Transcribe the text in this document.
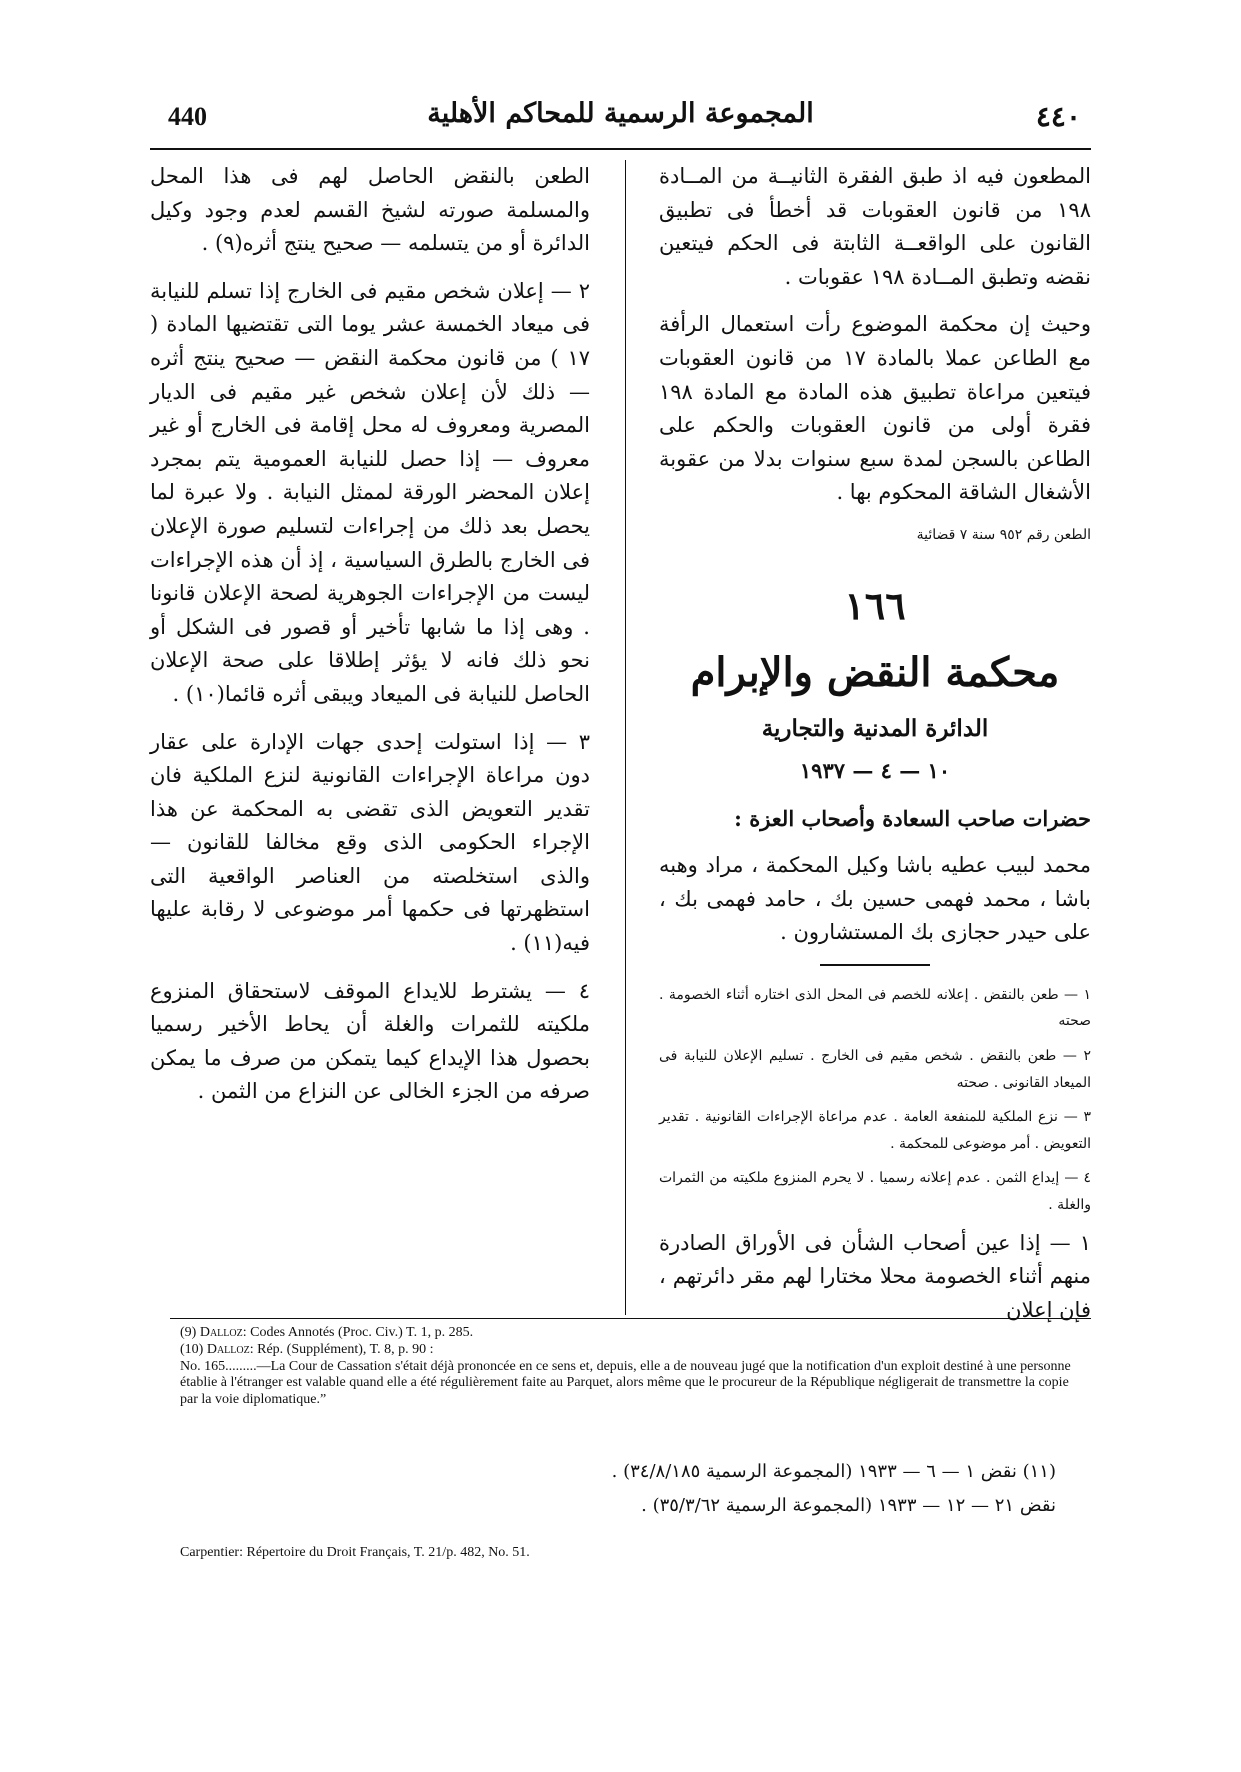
440	المجموعة الرسمية للمحاكم الأهلية	٤٤٠

المطعون فيه اذ طبق الفقرة الثانيــة من المــادة ١٩٨ من قانون العقوبات قد أخطأ فى تطبيق القانون على الواقعــة الثابتة فى الحكم فيتعين نقضه وتطبق المــادة ١٩٨ عقوبات .

وحيث إن محكمة الموضوع رأت استعمال الرأفة مع الطاعن عملا بالمادة ١٧ من قانون العقوبات فيتعين مراعاة تطبيق هذه المادة مع المادة ١٩٨ فقرة أولى من قانون العقوبات والحكم على الطاعن بالسجن لمدة سبع سنوات بدلا من عقوبة الأشغال الشاقة المحكوم بها .

الطعن رقم ٩٥٢ سنة ٧ قضائية

١٦٦
محكمة النقض والإبرام
الدائرة المدنية والتجارية
١٠ — ٤ — ١٩٣٧

حضرات صاحب السعادة وأصحاب العزة :

محمد لبيب عطيه باشا وكيل المحكمة ، مراد وهبه باشا ، محمد فهمى حسين بك ، حامد فهمى بك ، على حيدر حجازى بك المستشارون .

١ — طعن بالنقض . إعلانه للخصم فى المحل الذى اختاره أثناء الخصومة . صحته

٢ — طعن بالنقض . شخص مقيم فى الخارج . تسليم الإعلان للنيابة فى الميعاد القانونى . صحته

٣ — نزع الملكية للمنفعة العامة . عدم مراعاة الإجراءات القانونية . تقدير التعويض . أمر موضوعى للمحكمة .

٤ — إيداع الثمن . عدم إعلانه رسميا . لا يحرم المنزوع ملكيته من الثمرات والغلة .

١ — إذا عين أصحاب الشأن فى الأوراق الصادرة منهم أثناء الخصومة محلا مختارا لهم مقر دائرتهم ، فإن إعلان

الطعن بالنقض الحاصل لهم فى هذا المحل والمسلمة صورته لشيخ القسم لعدم وجود وكيل الدائرة أو من يتسلمه — صحيح ينتج أثره(٩) .

٢ — إعلان شخص مقيم فى الخارج إذا تسلم للنيابة فى ميعاد الخمسة عشر يوما التى تقتضيها المادة ( ١٧ ) من قانون محكمة النقض — صحيح ينتج أثره — ذلك لأن إعلان شخص غير مقيم فى الديار المصرية ومعروف له محل إقامة فى الخارج أو غير معروف — إذا حصل للنيابة العمومية يتم بمجرد إعلان المحضر الورقة لممثل النيابة . ولا عبرة لما يحصل بعد ذلك من إجراءات لتسليم صورة الإعلان فى الخارج بالطرق السياسية ، إذ أن هذه الإجراءات ليست من الإجراءات الجوهرية لصحة الإعلان قانونا . وهى إذا ما شابها تأخير أو قصور فى الشكل أو نحو ذلك فانه لا يؤثر إطلاقا على صحة الإعلان الحاصل للنيابة فى الميعاد ويبقى أثره قائما(١٠) .

٣ — إذا استولت إحدى جهات الإدارة على عقار دون مراعاة الإجراءات القانونية لنزع الملكية فان تقدير التعويض الذى تقضى به المحكمة عن هذا الإجراء الحكومى الذى وقع مخالفا للقانون — والذى استخلصته من العناصر الواقعية التى استظهرتها فى حكمها أمر موضوعى لا رقابة عليها فيه(١١) .

٤ — يشترط للايداع الموقف لاستحقاق المنزوع ملكيته للثمرات والغلة أن يحاط الأخير رسميا بحصول هذا الإيداع كيما يتمكن من صرف ما يمكن صرفه من الجزء الخالى عن النزاع من الثمن .

(9) Dalloz: Codes Annotés (Proc. Civ.) T. 1, p. 285.
(10) Dalloz: Rép. (Supplément), T. 8, p. 90 :
No. 165.........—La Cour de Cassation s'était déjà prononcée en ce sens et, depuis, elle a de nouveau jugé que la notification d'un exploit destiné à une personne établie à l'étranger est valable quand elle a été régulièrement faite au Parquet, alors même que le procureur de la République négligerait de transmettre la copie par la voie diplomatique.”
(١١) نقض ١ — ٦ — ١٩٣٣ (المجموعة الرسمية ٣٤/٨/١٨٥) .
نقض ٢١ — ١٢ — ١٩٣٣ (المجموعة الرسمية ٣٥/٣/٦٢) .
Carpentier: Répertoire du Droit Français, T. 21/p. 482, No. 51.
